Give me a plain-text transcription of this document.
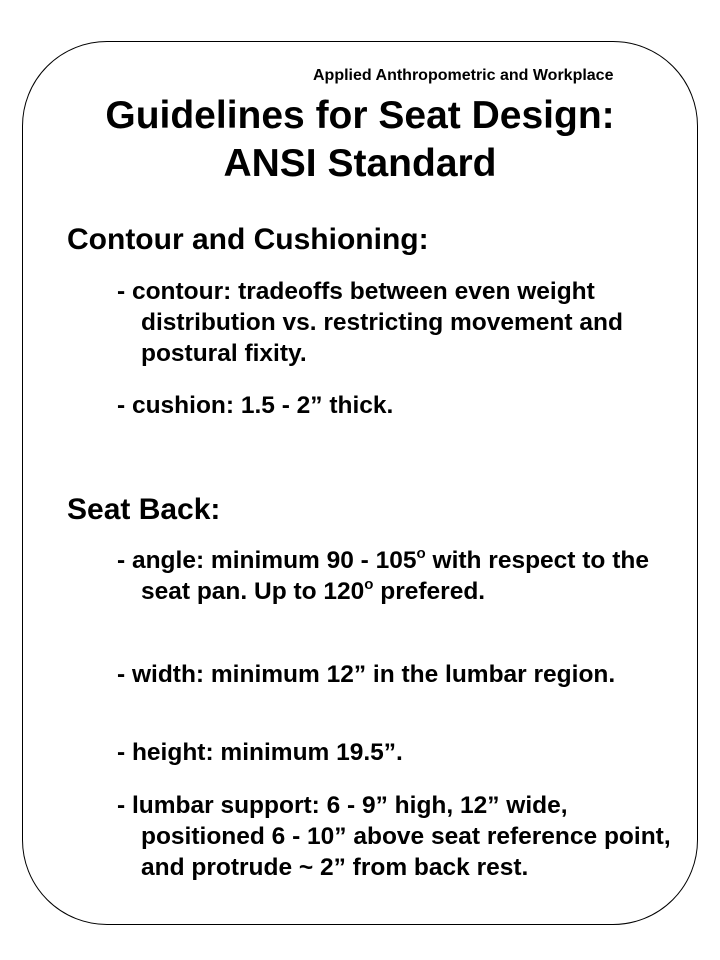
Applied Anthropometric and Workplace
Guidelines for Seat Design:
ANSI Standard
Contour and Cushioning:
- contour: tradeoffs between even weight distribution vs. restricting movement and postural fixity.
- cushion: 1.5 - 2” thick.
Seat Back:
- angle: minimum 90 - 105$^o$ with respect to the seat pan. Up to 120$^o$ prefered.
- width: minimum 12” in the lumbar region.
- height: minimum 19.5”.
- lumbar support: 6 - 9” high, 12” wide, positioned 6 - 10” above seat reference point, and protrude ~ 2” from back rest.
